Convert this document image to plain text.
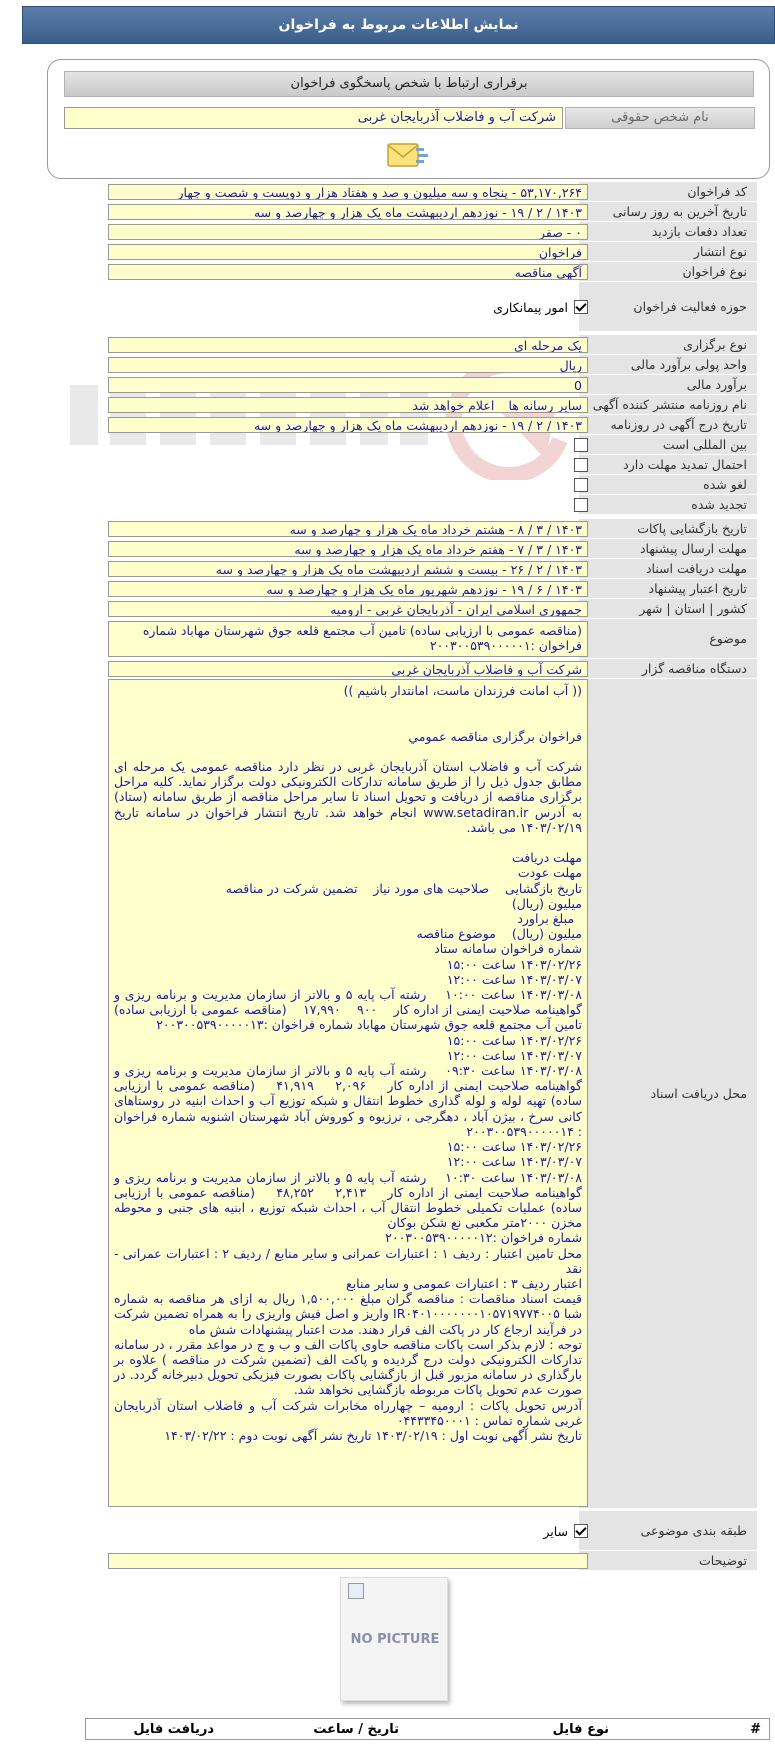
نمایش اطلاعات مربوط به فراخوان
برقراری ارتباط با شخص پاسخگوی فراخوان
نام شخص حقوقی
شرکت آب و فاضلاب آذربایجان غربی
کد فراخوان
۵۳,۱۷۰,۲۶۴ - پنجاه و سه میلیون و صد و هفتاد هزار و دویست و شصت و چهار
تاریخ آخرین به روز رسانی
۱۴۰۳ / ۲ / ۱۹ - نوزدهم اردیبهشت ماه یک هزار و چهارصد و سه
تعداد دفعات بازدید
۰ - صفر
نوع انتشار
فراخوان
نوع فراخوان
آگهی مناقصه
حوزه فعالیت فراخوان
امور پیمانکاری
نوع برگزاری
یک مرحله ای
واحد پولی برآورد مالی
ریال
برآورد مالی
0
نام روزنامه منتشر کننده آگهی
سایر رسانه ها _ اعلام خواهد شد
تاریخ درج آگهی در روزنامه
۱۴۰۳ / ۲ / ۱۹ - نوزدهم اردیبهشت ماه یک هزار و چهارصد و سه
بین المللی است
احتمال تمدید مهلت دارد
لغو شده
تجدید شده
تاریخ بازگشایی پاکات
۱۴۰۳ / ۳ / ۸ - هشتم خرداد ماه یک هزار و چهارصد و سه
مهلت ارسال پیشنهاد
۱۴۰۳ / ۳ / ۷ - هفتم خرداد ماه یک هزار و چهارصد و سه
مهلت دریافت اسناد
۱۴۰۳ / ۲ / ۲۶ - بیست و ششم اردیبهشت ماه یک هزار و چهارصد و سه
تاریخ اعتبار پیشنهاد
۱۴۰۳ / ۶ / ۱۹ - نوزدهم شهریور ماه یک هزار و چهارصد و سه
کشور | استان | شهر
جمهوری اسلامی ایران - آذربایجان غربی - ارومیه
موضوع
(مناقصه عمومی با ارزیابی ساده) تامین آب مجتمع قلعه جوق شهرستان مهاباد شماره
فراخوان :۲۰۰۳۰۰۵۳۹۰۰۰۰۰۱
دستگاه مناقصه گزار
شرکت آب و فاضلاب آذربایجان غربی
محل دریافت اسناد

(( آب امانت فرزندان ماست، امانتدار باشیم ))

فراخوان برگزاری مناقصه عمومي

شرکت آب و فاضلاب استان آذربایجان غربی در نظر دارد مناقصه عمومی یک مرحله ای مطابق جدول ذیل را از طریق سامانه تدارکات الکترونیکی دولت برگزار نماید. کلیه مراحل برگزاری مناقصه از دریافت و تحویل اسناد تا سایر مراحل مناقصه از طریق سامانه (ستاد) به آدرس www.setadiran.ir انجام خواهد شد. تاریخ انتشار فراخوان در سامانه تاریخ ۱۴۰۳/۰۲/۱۹ می باشد.

مهلت دریافت

مهلت عودت

تاریخ بازگشایی    صلاحیت های مورد نیاز    تضمین شرکت در مناقصه

میلیون (ریال)

مبلغ براورد

میلیون (ریال)    موضوع مناقصه

شماره فراخوان سامانه ستاد

۱۴۰۳/۰۲/۲۶ ساعت ۱۵:۰۰

۱۴۰۳/۰۳/۰۷ ساعت ۱۲:۰۰

۱۴۰۳/۰۳/۰۸ ساعت ۱۰:۰۰    رشته آب پایه ۵ و بالاتر از سازمان مدیریت و برنامه ریزی و گواهینامه صلاحیت ایمنی از اداره کار    ۹۰۰    ۱۷,۹۹۰    (مناقصه عمومی با ارزیابی ساده) تامین آب مجتمع قلعه جوق شهرستان مهاباد شماره فراخوان :۲۰۰۳۰۰۵۳۹۰۰۰۰۰۱۳

۱۴۰۳/۰۲/۲۶ ساعت ۱۵:۰۰

۱۴۰۳/۰۳/۰۷ ساعت ۱۲:۰۰

۱۴۰۳/۰۳/۰۸ ساعت ۰۹:۳۰    رشته آب پایه ۵ و بالاتر از سازمان مدیریت و برنامه ریزی و گواهینامه صلاحیت ایمنی از اداره کار    ۲,۰۹۶    ۴۱,۹۱۹    (مناقصه عمومی با ارزیابی ساده) تهیه لوله و لوله گذاری خطوط انتقال و شبکه توزیع آب و احداث ابنیه در روستاهای کانی سرخ ، بیژن آباد ، دهگرجی ، نرزیوه و کوروش آباد شهرستان اشنویه شماره فراخوان : ۲۰۰۳۰۰۵۳۹۰۰۰۰۰۱۴

۱۴۰۳/۰۲/۲۶ ساعت ۱۵:۰۰

۱۴۰۳/۰۳/۰۷ ساعت ۱۲:۰۰

۱۴۰۳/۰۳/۰۸ ساعت ۱۰:۳۰    رشته آب پایه ۵ و بالاتر از سازمان مدیریت و برنامه ریزی و گواهینامه صلاحیت ایمنی از اداره کار    ۲,۴۱۳    ۴۸,۲۵۲    (مناقصه عمومی با ارزیابی ساده) عملیات تکمیلی خطوط انتقال آب ، احداث شبکه توزیع ، ابنیه های جنبی و محوطه مخزن ۲۰۰۰متر مکعبی نع شکن بوکان

شماره فراخوان :۲۰۰۳۰۰۵۳۹۰۰۰۰۰۱۲

محل تامین اعتبار : ردیف ۱ : اعتبارات عمرانی و سایر منابع / ردیف ۲ : اعتبارات عمرانی - نقد

اعتبار ردیف ۳ : اعتبارات عمومی و سایر منابع

قیمت اسناد مناقصات : مناقصه گران مبلغ ۱,۵۰۰,۰۰۰ ریال به ازای هر مناقصه به شماره شبا IR۰۴۰۱۰۰۰۰۰۰۰۱۰۵۷۱۹۷۷۴۰۰۵ واریز و اصل فیش واریزی را به همراه تضمین شرکت در فرآیند ارجاع کار در پاکت الف قرار دهند. مدت اعتبار پیشنهادات شش ماه

توجه : لازم بذکر است پاکات مناقصه حاوی پاکات الف و ب و ج در مواعد مقرر ، در سامانه تدارکات الکترونیکی دولت درج گردیده و پاکت الف (تضمین شرکت در مناقصه ) علاوه بر بارگذاری در سامانه مزبور قبل از بازگشایی پاکات بصورت فیزیکی تحویل دبیرخانه گردد. در صورت عدم تحویل پاکات مربوطه بازگشایی نخواهد شد.

آدرس تحویل پاکات : ارومیه – چهارراه مخابرات شرکت آب و فاضلاب استان آذربایجان غربی شماره تماس : ۰۴۴۳۳۴۵۰۰۰۱

تاریخ نشر آگهی نوبت اول : ۱۴۰۳/۰۲/۱۹ تاریخ نشر آگهی نوبت دوم : ۱۴۰۳/۰۲/۲۲

طبقه بندی موضوعی
سایر
توضیحات
NO PICTURE
#
نوع فایل
تاریخ / ساعت
دریافت فایل
